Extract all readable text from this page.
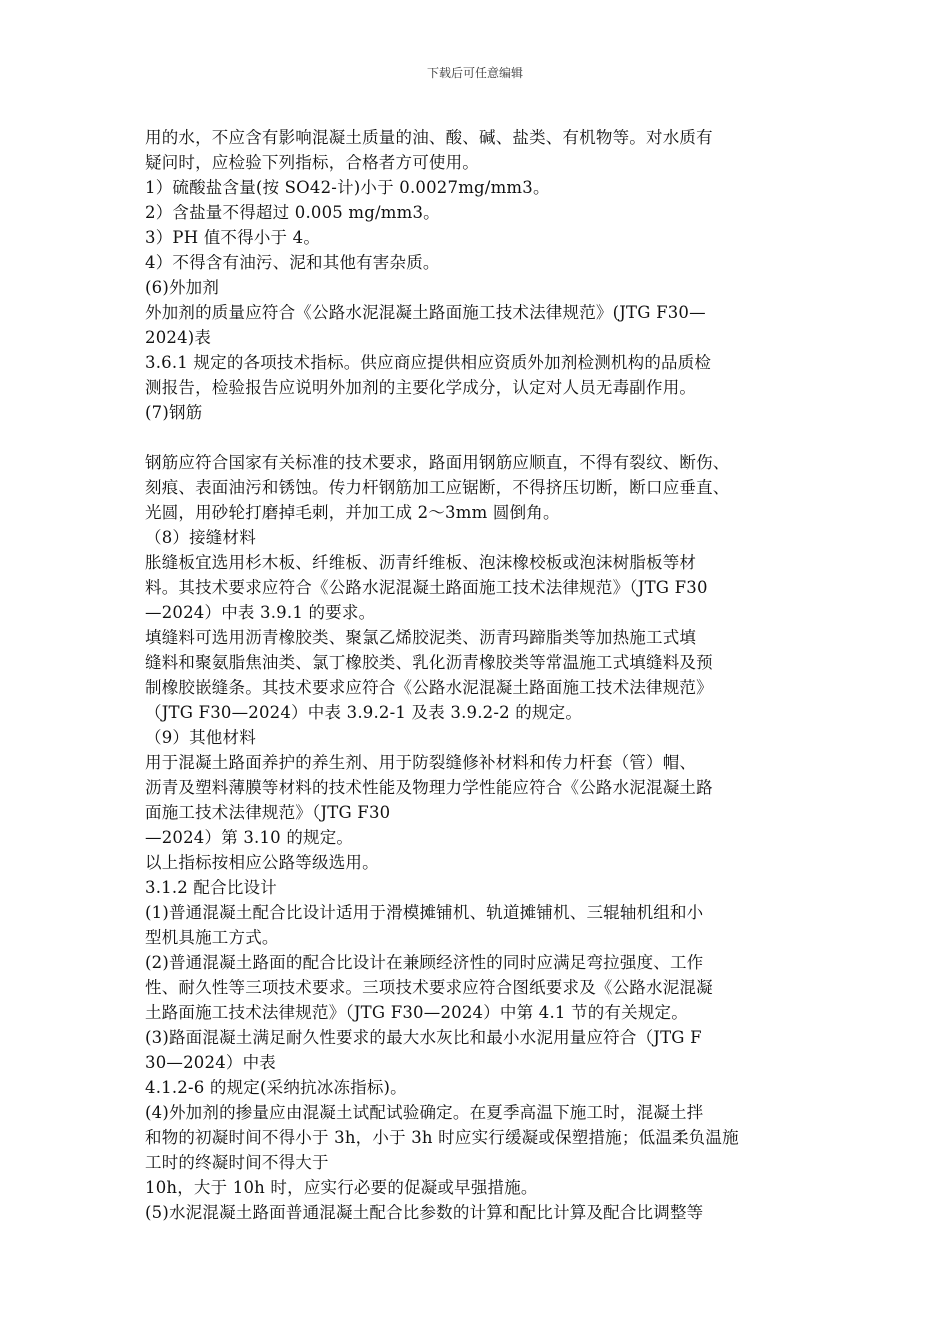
下载后可任意编辑
用的水，不应含有影响混凝土质量的油、酸、碱、盐类、有机物等。对水质有
疑问时，应检验下列指标，合格者方可使用。
1）硫酸盐含量(按 SO42-计)小于 0.0027mg/mm3。
2）含盐量不得超过 0.005 mg/mm3。
3）PH 值不得小于 4。
4）不得含有油污、泥和其他有害杂质。
(6)外加剂
外加剂的质量应符合《公路水泥混凝土路面施工技术法律规范》(JTG F30—
2024)表
3.6.1 规定的各项技术指标。供应商应提供相应资质外加剂检测机构的品质检
测报告，检验报告应说明外加剂的主要化学成分，认定对人员无毒副作用。
(7)钢筋
钢筋应符合国家有关标准的技术要求，路面用钢筋应顺直，不得有裂纹、断伤、
刻痕、表面油污和锈蚀。传力杆钢筋加工应锯断，不得挤压切断，断口应垂直、
光圆，用砂轮打磨掉毛刺，并加工成 2～3mm 圆倒角。
（8）接缝材料
胀缝板宜选用杉木板、纤维板、沥青纤维板、泡沫橡校板或泡沫树脂板等材
料。其技术要求应符合《公路水泥混凝土路面施工技术法律规范》（JTG F30
—2024）中表 3.9.1 的要求。
填缝料可选用沥青橡胶类、聚氯乙烯胶泥类、沥青玛蹄脂类等加热施工式填
缝料和聚氨脂焦油类、氯丁橡胶类、乳化沥青橡胶类等常温施工式填缝料及预
制橡胶嵌缝条。其技术要求应符合《公路水泥混凝土路面施工技术法律规范》
（JTG F30—2024）中表 3.9.2-1 及表 3.9.2-2 的规定。
（9）其他材料
用于混凝土路面养护的养生剂、用于防裂缝修补材料和传力杆套（管）帽、
沥青及塑料薄膜等材料的技术性能及物理力学性能应符合《公路水泥混凝土路
面施工技术法律规范》（JTG F30
—2024）第 3.10 的规定。
以上指标按相应公路等级选用。
3.1.2 配合比设计
(1)普通混凝土配合比设计适用于滑模摊铺机、轨道摊铺机、三辊轴机组和小
型机具施工方式。
(2)普通混凝土路面的配合比设计在兼顾经济性的同时应满足弯拉强度、工作
性、耐久性等三项技术要求。三项技术要求应符合图纸要求及《公路水泥混凝
土路面施工技术法律规范》（JTG F30—2024）中第 4.1 节的有关规定。
(3)路面混凝土满足耐久性要求的最大水灰比和最小水泥用量应符合（JTG F
30—2024）中表
4.1.2-6 的规定(采纳抗冰冻指标)。
(4)外加剂的掺量应由混凝土试配试验确定。在夏季高温下施工时，混凝土拌
和物的初凝时间不得小于 3h，小于 3h 时应实行缓凝或保塑措施；低温柔负温施
工时的终凝时间不得大于
10h，大于 10h 时，应实行必要的促凝或早强措施。
(5)水泥混凝土路面普通混凝土配合比参数的计算和配比计算及配合比调整等
